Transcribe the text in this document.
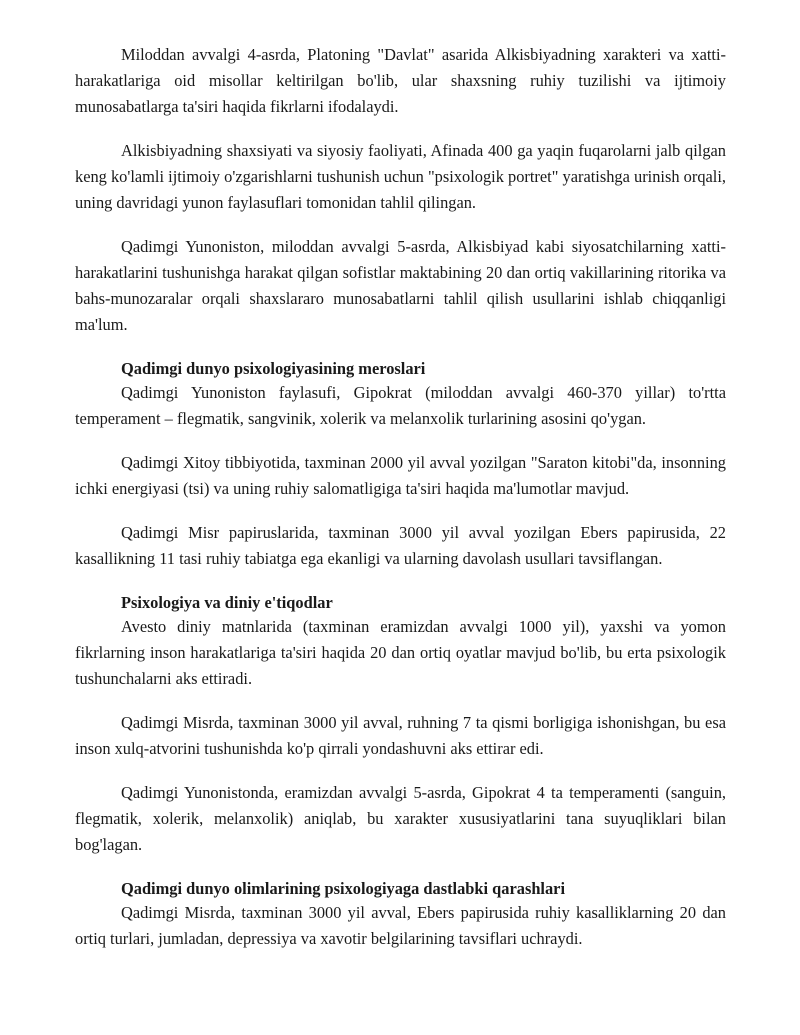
Miloddan avvalgi 4-asrda, Platoning "Davlat" asarida Alkisbiyadning xarakteri va xatti-harakatlariga oid misollar keltirilgan bo'lib, ular shaxsning ruhiy tuzilishi va ijtimoiy munosabatlarga ta'siri haqida fikrlarni ifodalaydi.

Alkisbiyadning shaxsiyati va siyosiy faoliyati, Afinada 400 ga yaqin fuqarolarni jalb qilgan keng ko'lamli ijtimoiy o'zgarishlarni tushunish uchun "psixologik portret" yaratishga urinish orqali, uning davridagi yunon faylasuflari tomonidan tahlil qilingan.

Qadimgi Yunoniston, miloddan avvalgi 5-asrda, Alkisbiyad kabi siyosatchilarning xatti-harakatlarini tushunishga harakat qilgan sofistlar maktabining 20 dan ortiq vakillarining ritorika va bahs-munozaralar orqali shaxslararo munosabatlarni tahlil qilish usullarini ishlab chiqqanligi ma'lum.

Qadimgi dunyo psixologiyasining meroslari

Qadimgi Yunoniston faylasufi, Gipokrat (miloddan avvalgi 460-370 yillar) to'rtta temperament – flegmatik, sangvinik, xolerik va melanxolik turlarining asosini qo'ygan.

Qadimgi Xitoy tibbiyotida, taxminan 2000 yil avval yozilgan "Saraton kitobi"da, insonning ichki energiyasi (tsi) va uning ruhiy salomatligiga ta'siri haqida ma'lumotlar mavjud.

Qadimgi Misr papiruslarida, taxminan 3000 yil avval yozilgan Ebers papirusida, 22 kasallikning 11 tasi ruhiy tabiatga ega ekanligi va ularning davolash usullari tavsiflangan.

Psixologiya va diniy e'tiqodlar

Avesto diniy matnlarida (taxminan eramizdan avvalgi 1000 yil), yaxshi va yomon fikrlarning inson harakatlariga ta'siri haqida 20 dan ortiq oyatlar mavjud bo'lib, bu erta psixologik tushunchalarni aks ettiradi.

Qadimgi Misrda, taxminan 3000 yil avval, ruhning 7 ta qismi borligiga ishonishgan, bu esa inson xulq-atvorini tushunishda ko'p qirrali yondashuvni aks ettirar edi.

Qadimgi Yunonistonda, eramizdan avvalgi 5-asrda, Gipokrat 4 ta temperamenti (sanguin, flegmatik, xolerik, melanxolik) aniqlab, bu xarakter xususiyatlarini tana suyuqliklari bilan bog'lagan.

Qadimgi dunyo olimlarining psixologiyaga dastlabki qarashlari

Qadimgi Misrda, taxminan 3000 yil avval, Ebers papirusida ruhiy kasalliklarning 20 dan ortiq turlari, jumladan, depressiya va xavotir belgilarining tavsiflari uchraydi.
